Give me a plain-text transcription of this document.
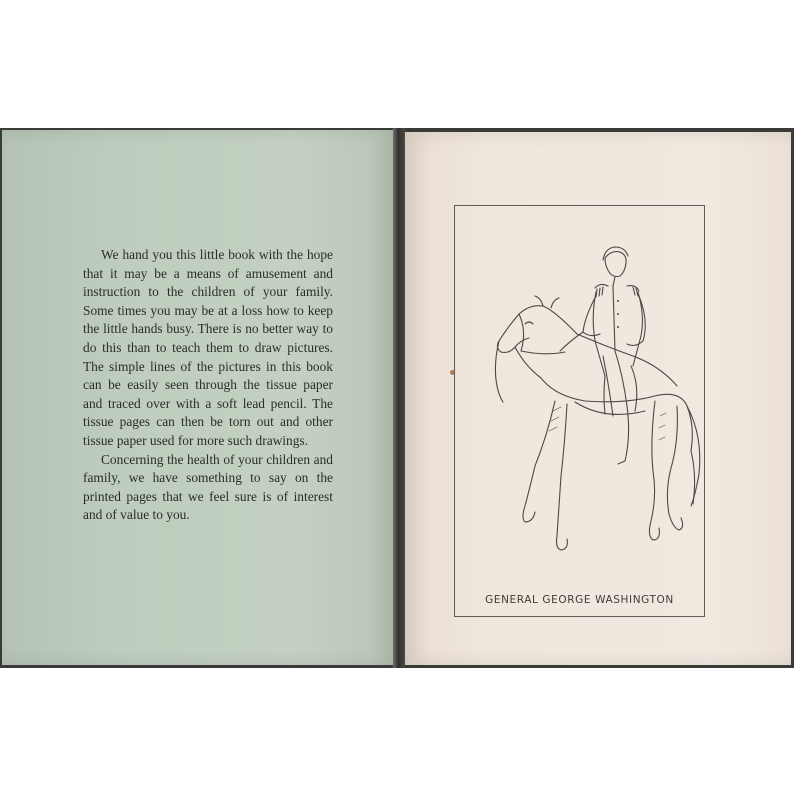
We hand you this little book with the hope that it may be a means of amusement and instruction to the children of your family. Some times you may be at a loss how to keep the little hands busy. There is no better way to do this than to teach them to draw pictures. The simple lines of the pictures in this book can be easily seen through the tissue paper and traced over with a soft lead pencil. The tissue pages can then be torn out and other tissue paper used for more such drawings.

Concerning the health of your children and family, we have something to say on the printed pages that we feel sure is of interest and of value to you.

GENERAL GEORGE WASHINGTON
